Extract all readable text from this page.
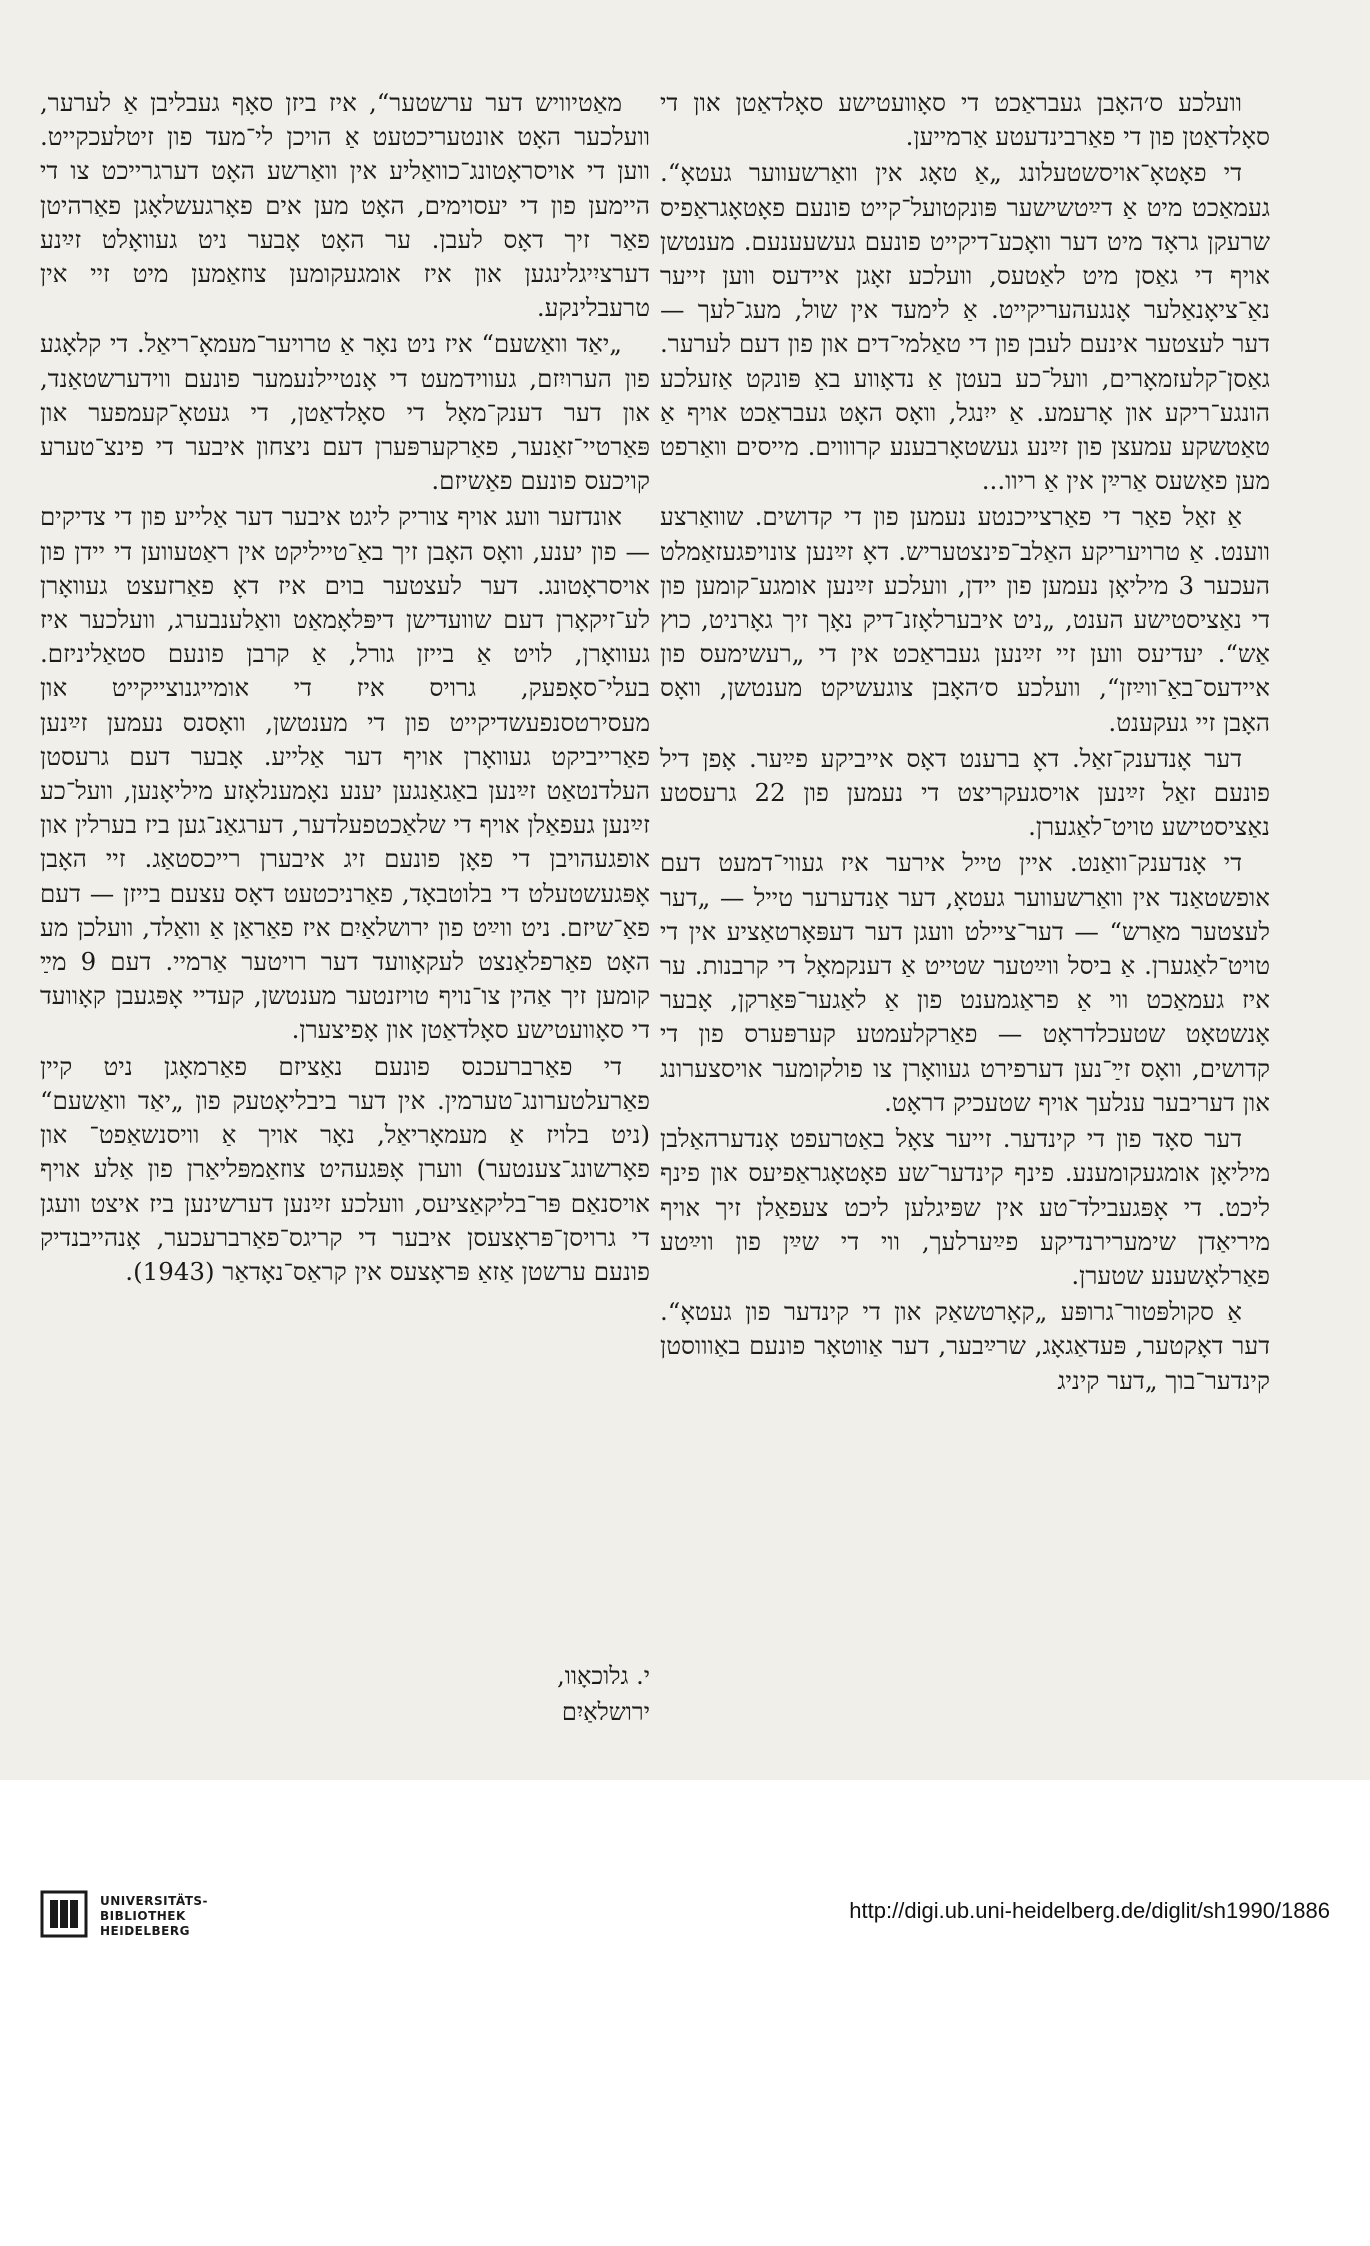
וועלכע ס׳האָבן געבראַכט די סאָוועטישע סאָלדאַטן און די סאָלדאַטן פון די פאַרבינדעטע אַרמייען.

די פאָטאָ־אויסשטעלונג „אַ טאָג אין וואַרשעווער געטאָ“. געמאַכט מיט אַ דײַטשישער פּונקטועל־קייט פונעם פאָטאָגראַפיס שרעקן גראָד מיט דער וואָכע־דיקייט פונעם געשעענעם. מענטשן אויף די גאַסן מיט לאַטעס, וועלכע זאָגן איידעס ווען זייער נאַ־ציאָנאַלער אָנגעהעריקייט. אַ לימעד אין שול, מעג־לעך — דער לעצטער אינעם לעבן פון די טאַלמי־דים און פון דעם לערער. גאַסן־קלעזמאָרים, וועל־כע בעטן אַ נדאָווע באַ פּונקט אַזעלכע הונגע־ריקע און אָרעמע. אַ ייִנגל, וואָס האָט געבראַכט אויף אַ טאַטשקע עמעצן פון זײַנע געשטאָרבענע קרוווים. מייסים וואַרפט מען פאַשעס אַרײַן אין אַ ריוו...

אַ זאַל פאַר די פאַרצייכנטע נעמען פון די קדושים. שוואַרצע ווענט. אַ טרויעריקע האַלב־פינצטעריש. דאָ זײַנען צונויפגעזאַמלט העכער 3 מיליאָן נעמען פון יידן, וועלכע זײַנען אומגע־קומען פון די נאַציסטישע הענט, „ניט איבערלאָזנ־דיק נאָך זיך גאָרניט, כוץ אַש“. יעדיעס ווען זיי זײַנען געבראַכט אין די „רעשימעס פון איידעס־באַ־ווײַזן“, וועלכע ס׳האָבן צוגעשיקט מענטשן, וואָס האָבן זיי געקענט.

דער אָנדענק־זאַל. דאָ ברענט דאָס אייביקע פײַער. אָפן דיל פונעם זאַל זײַנען אויסגעקריצט די נעמען פון 22 גרעסטע נאַציסטישע טויט־לאַגערן.

די אָנדענק־וואַנט. איין טייל אירער איז געווי־דמעט דעם אופשטאַנד אין וואַרשעווער געטאָ, דער אַנדערער טייל — „דער לעצטער מאַרש“ — דער־ציילט וועגן דער דעפּאָרטאַציע אין די טויט־לאַגערן. אַ ביסל ווײַטער שטייט אַ דענקמאָל די קרבנות. ער איז געמאַכט ווי אַ פראַגמענט פון אַ לאַגער־פּאַרקן, אָבער אָנשטאָט שטעכלדראָט — פאַרקלעמטע קערפּערס פון די קדושים, וואָס זײַ־נען דערפירט געוואָרן צו פולקומער אויסצערונג און דעריבער ענלעך אויף שטעכיק דראָט.

דער סאָד פון די קינדער. זייער צאָל באַטרעפט אָנדערהאַלבן מיליאָן אומגעקומענע. פינף קינדער־שע פאָטאָגראַפיעס און פינף ליכט. די אָפּגעבילד־טע אין שפּיגלען ליכט צעפאַלן זיך אויף מיריאַדן שימערירנדיקע פײַערלעך, ווי די שײַן פון ווײַטע פאַרלאָשענע שטערן.

אַ סקולפּטור־גרופּע „קאָרטשאַק און די קינדער פון געטאָ“. דער דאָקטער, פּעדאַגאָג, שרײַבער, דער אַווטאָר פונעם באַוווסטן קינדער־בוך „דער קיניג

מאַטיוויש דער ערשטער“, איז ביזן סאָף געבליבן אַ לערער, וועלכער האָט אונטעריכטעט אַ הויכן לי־מעד פון זיטלעכקייט. ווען די אויסראָטונג־כוואַליע אין וואַרשע האָט דערגרייכט צו די היימען פון די יעסוימים, האָט מען אים פאָרגעשלאָגן פאַרהיטן פאַר זיך דאָס לעבן. ער האָט אָבער ניט געוואָלט זײַנע דערציִיגלינגען און איז אומגעקומען צוזאַמען מיט זיי אין טרעבלינקע.

„יאַד וואַשעם“ איז ניט נאָר אַ טרויער־מעמאָ־ריאַל. די קלאָגע פון הערויִזם, געווידמעט די אָנטיילנעמער פונעם ווידערשטאַנד, און דער דענק־מאָל די סאָלדאַטן, די געטאָ־קעמפער און פּאַרטיי־זאַנער, פאַרקערפּערן דעם ניצחון איבער די פינצ־טערע קויכעס פונעם פאַשיזם.

אונדזער וועג אויף צוריק ליגט איבער דער אַלייע פון די צדיקים — פון יענע, וואָס האָבן זיך באַ־טייליקט אין ראַטעווען די יידן פון אויסראָטונג. דער לעצטער בוים איז דאָ פאַרזעצט געוואָרן לע־זיקאָרן דעם שוועדישן דיפּלאָמאַט וואַלענבערג, וועלכער איז געוואָרן, לויט אַ בייזן גורל, אַ קרבן פונעם סטאַליניזם. בעלי־סאָפעק, גרויס איז די אומייגנוצייקייט און מעסירטסנפעשדיקייט פון די מענטשן, וואָסנס נעמען זײַנען פאַרייביקט געוואָרן אויף דער אַלייע. אָבער דעם גרעסטן העלדנטאַט זײַנען באַגאַנגען יענע נאָמענלאָזע מיליאָנען, וועל־כע זײַנען געפאַלן אויף די שלאַכטפעלדער, דערגאַנ־גען ביז בערלין און אופגעהויבן די פאָן פונעם זיג איבערן רייכסטאַג. זיי האָבן אָפּגעשטעלט די בלוטבאָד, פאַרניכטעט דאָס עצעם בייזן — דעם פאַ־שיזם. ניט ווײַט פון ירושלאַיִם איז פאַראַן אַ וואַלד, וועלכן מע האָט פאַרפלאַנצט לעקאָוועד דער רויטער אַרמיי. דעם 9 מײַ קומען זיך אַהין צו־נויף טויזנטער מענטשן, קעדיי אָפּגעבן קאָוועד די סאָוועטישע סאָלדאַטן און אָפיצערן.

די פאַרברעכנס פונעם נאַציזם פאַרמאָגן ניט קיין פאַרעלטערונג־טערמין. אין דער ביבליאָטעק פון „יאַד וואַשעם“ (ניט בלויז אַ מעמאָריאַל, נאָר אויך אַ וויסנשאַפט־ און פאָרשונג־צענטער) ווערן אָפּגעהיט צוזאַמפּליאַרן פון אַלע אויף אויסנאַם פּר־בליקאַציעס, וועלכע זײַנען דערשינען ביז איצט וועגן די גרויסן־פּראָצעסן איבער די קריגס־פאַרברעכער, אָנהייבנדיק פונעם ערשטן אַזאַ פּראָצעס אין קראַס־נאָדאַר (1943).

י. גלוכאָוו,
ירושלאַיִם
UNIVERSITÄTS-
BIBLIOTHEK
HEIDELBERG
http://digi.ub.uni-heidelberg.de/diglit/sh1990/1886
